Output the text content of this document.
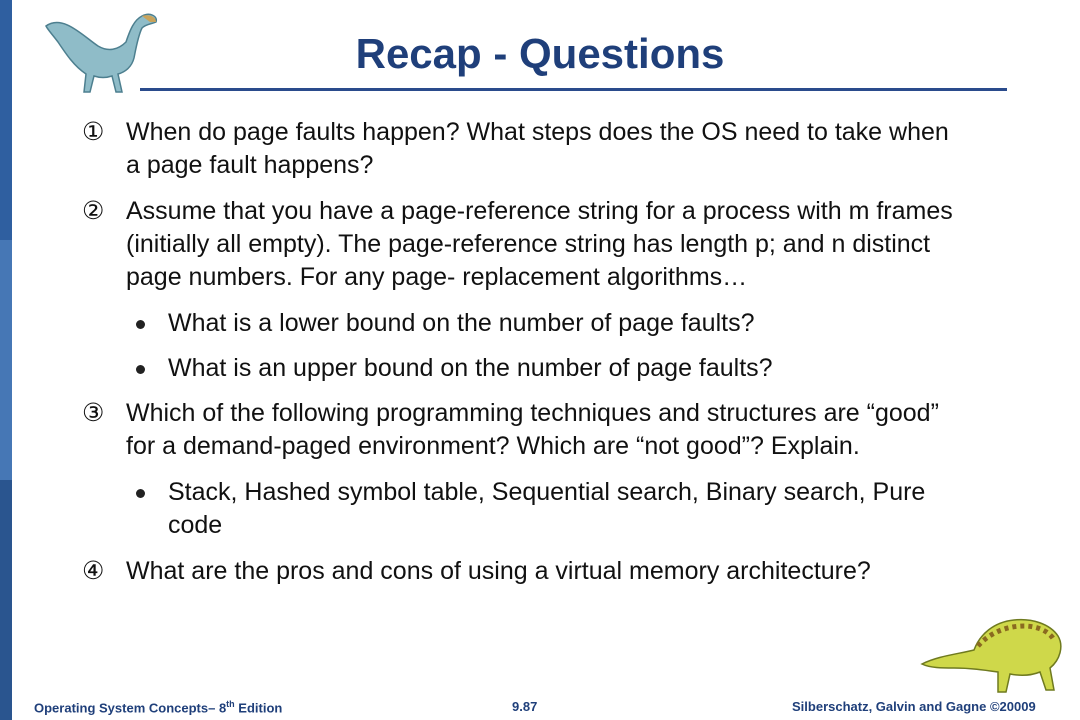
Recap - Questions
① When do page faults happen? What steps does the OS need to take when
a page fault happens?
② Assume that you have a page-reference string for a process with m frames
(initially all empty). The page-reference string has length p; and n distinct
page numbers. For any page- replacement algorithms…
What is a lower bound on the number of page faults?
What is an upper bound on the number of page faults?
③ Which of the following programming techniques and structures are “good”
for a demand-paged environment? Which are “not good”? Explain.
Stack, Hashed symbol table, Sequential search, Binary search, Pure
code
④ What are the pros and cons of using a virtual memory architecture?
Operating System Concepts– 8th Edition	9.87	Silberschatz, Galvin and Gagne ©20009
